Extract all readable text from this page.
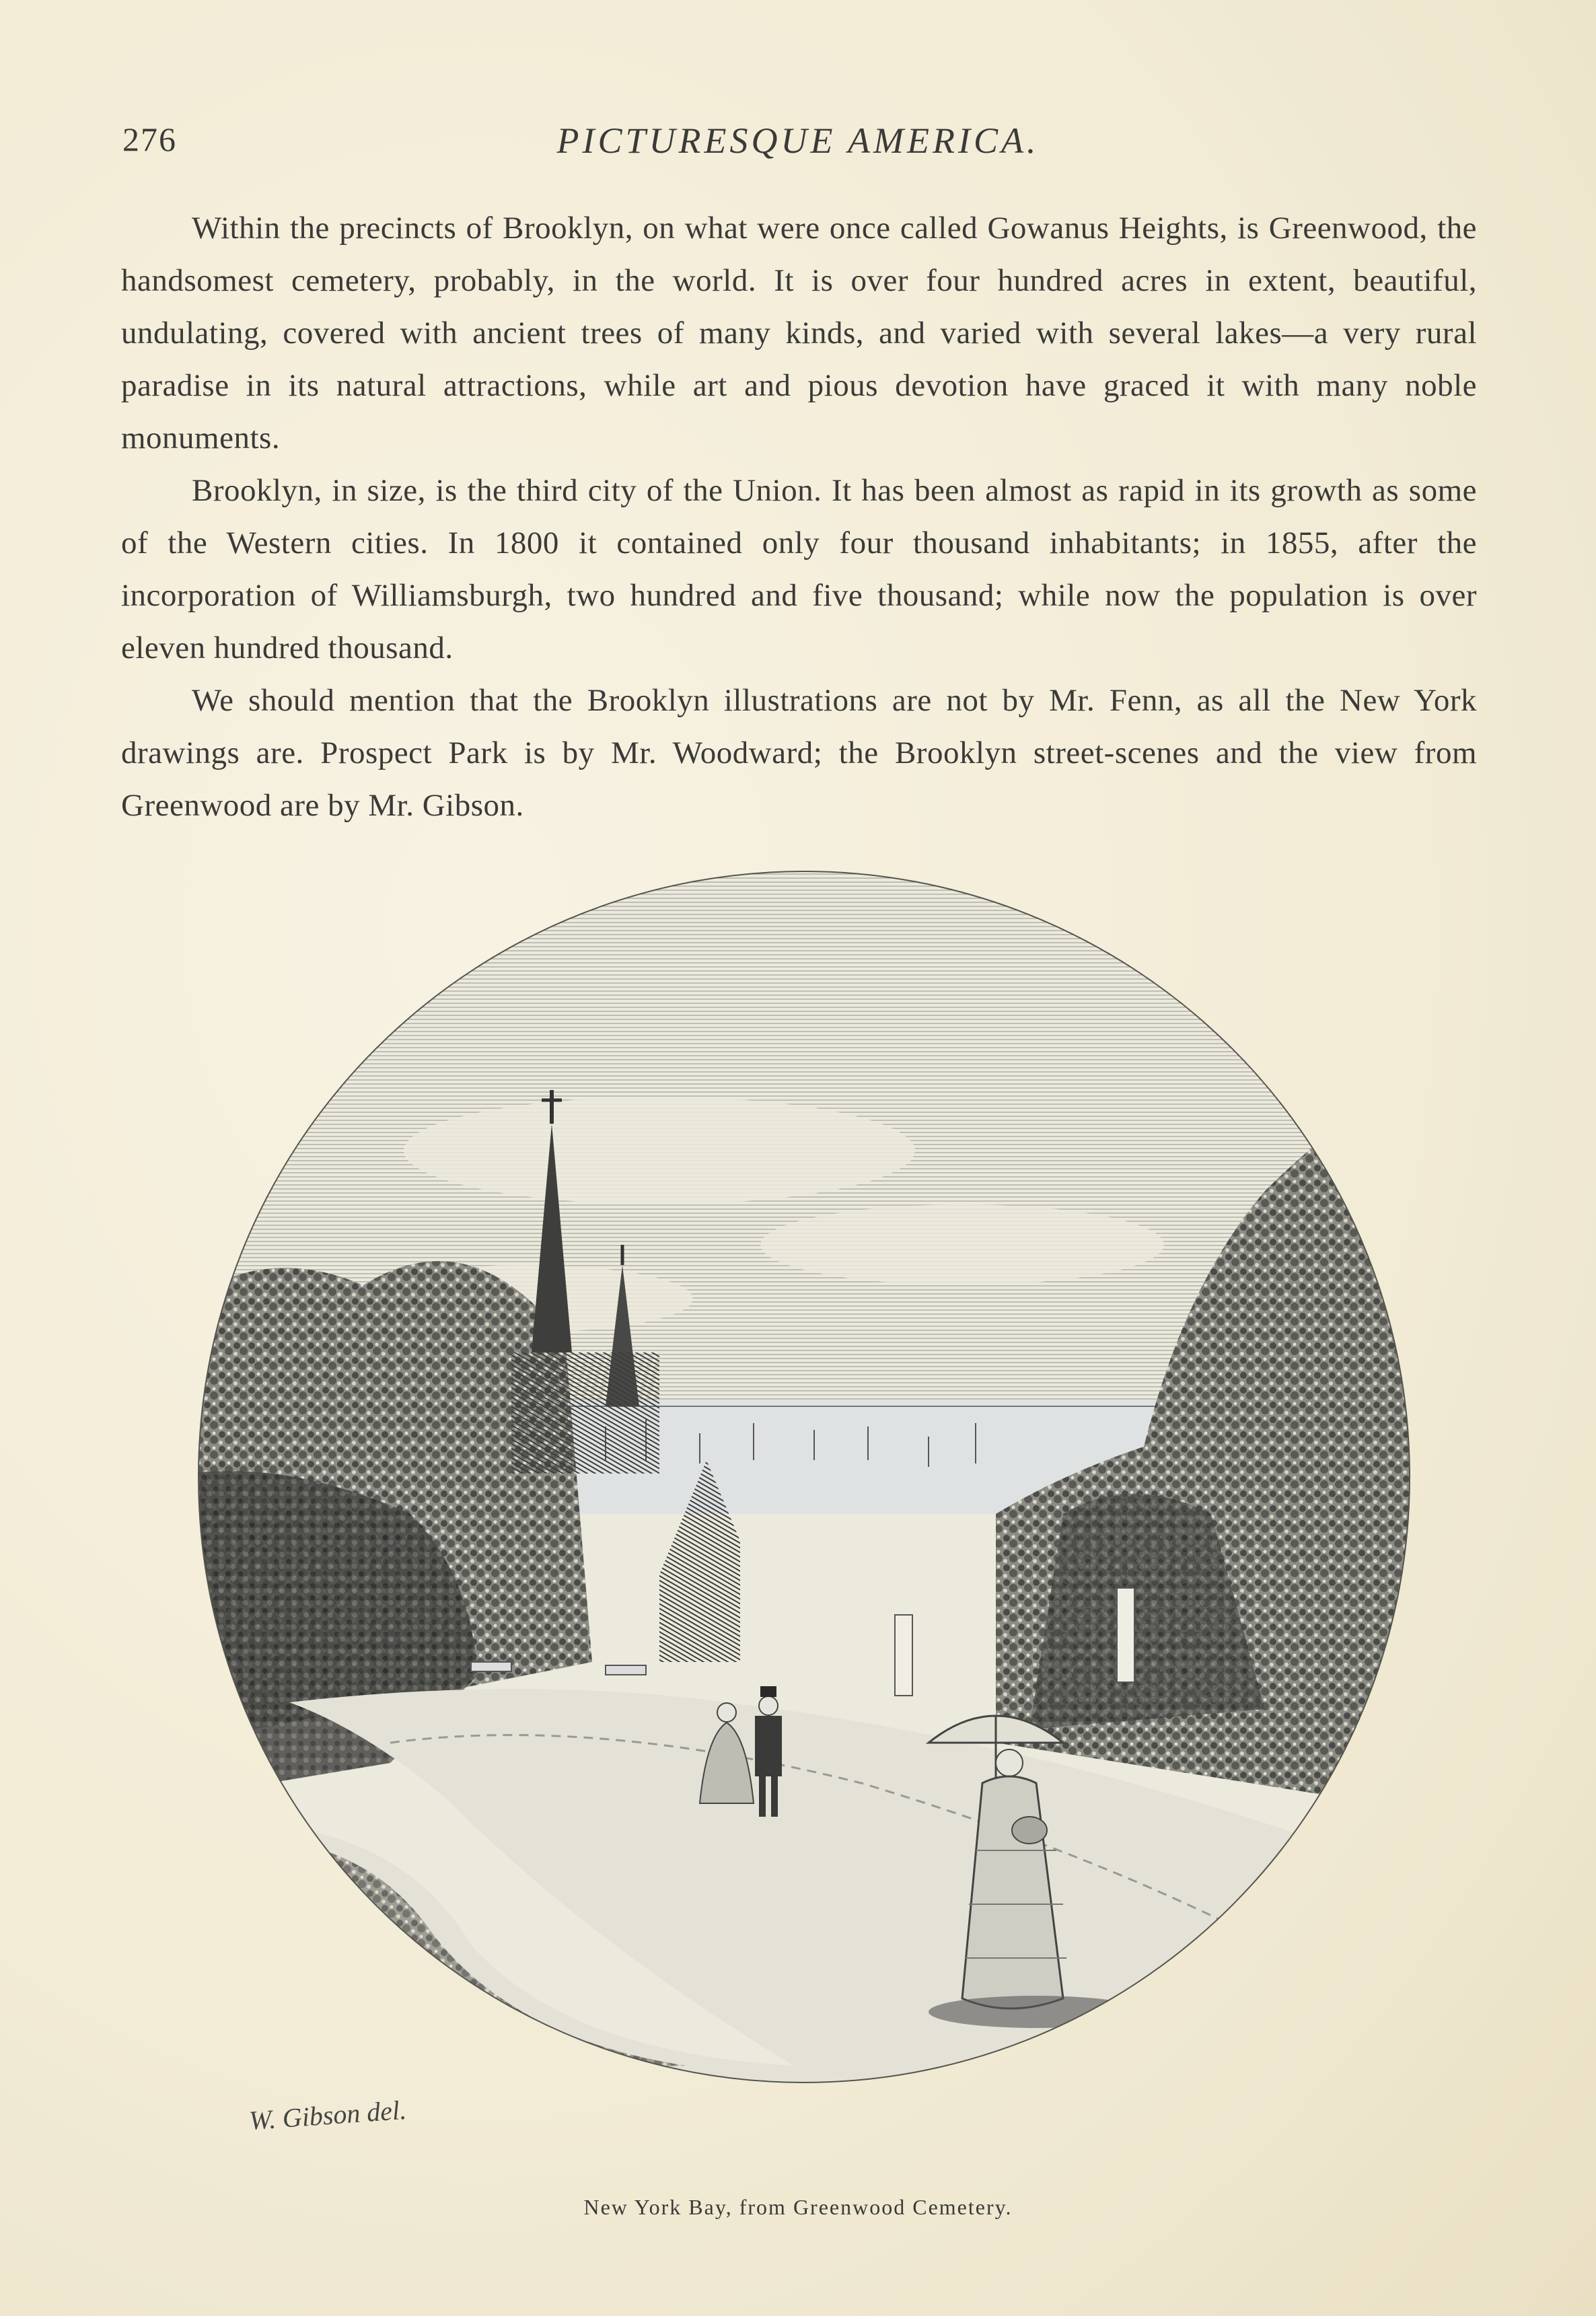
276	PICTURESQUE AMERICA.

Within the precincts of Brooklyn, on what were once called Gowanus Heights, is Greenwood, the handsomest cemetery, probably, in the world. It is over four hundred acres in extent, beautiful, undulating, covered with ancient trees of many kinds, and varied with several lakes—a very rural paradise in its natural attractions, while art and pious devotion have graced it with many noble monuments.

Brooklyn, in size, is the third city of the Union. It has been almost as rapid in its growth as some of the Western cities. In 1800 it contained only four thousand inhabitants; in 1855, after the incorporation of Williamsburgh, two hundred and five thousand; while now the population is over eleven hundred thousand.

We should mention that the Brooklyn illustrations are not by Mr. Fenn, as all the New York drawings are. Prospect Park is by Mr. Woodward; the Brooklyn street-scenes and the view from Greenwood are by Mr. Gibson.

W. Gibson del.
New York Bay, from Greenwood Cemetery.
